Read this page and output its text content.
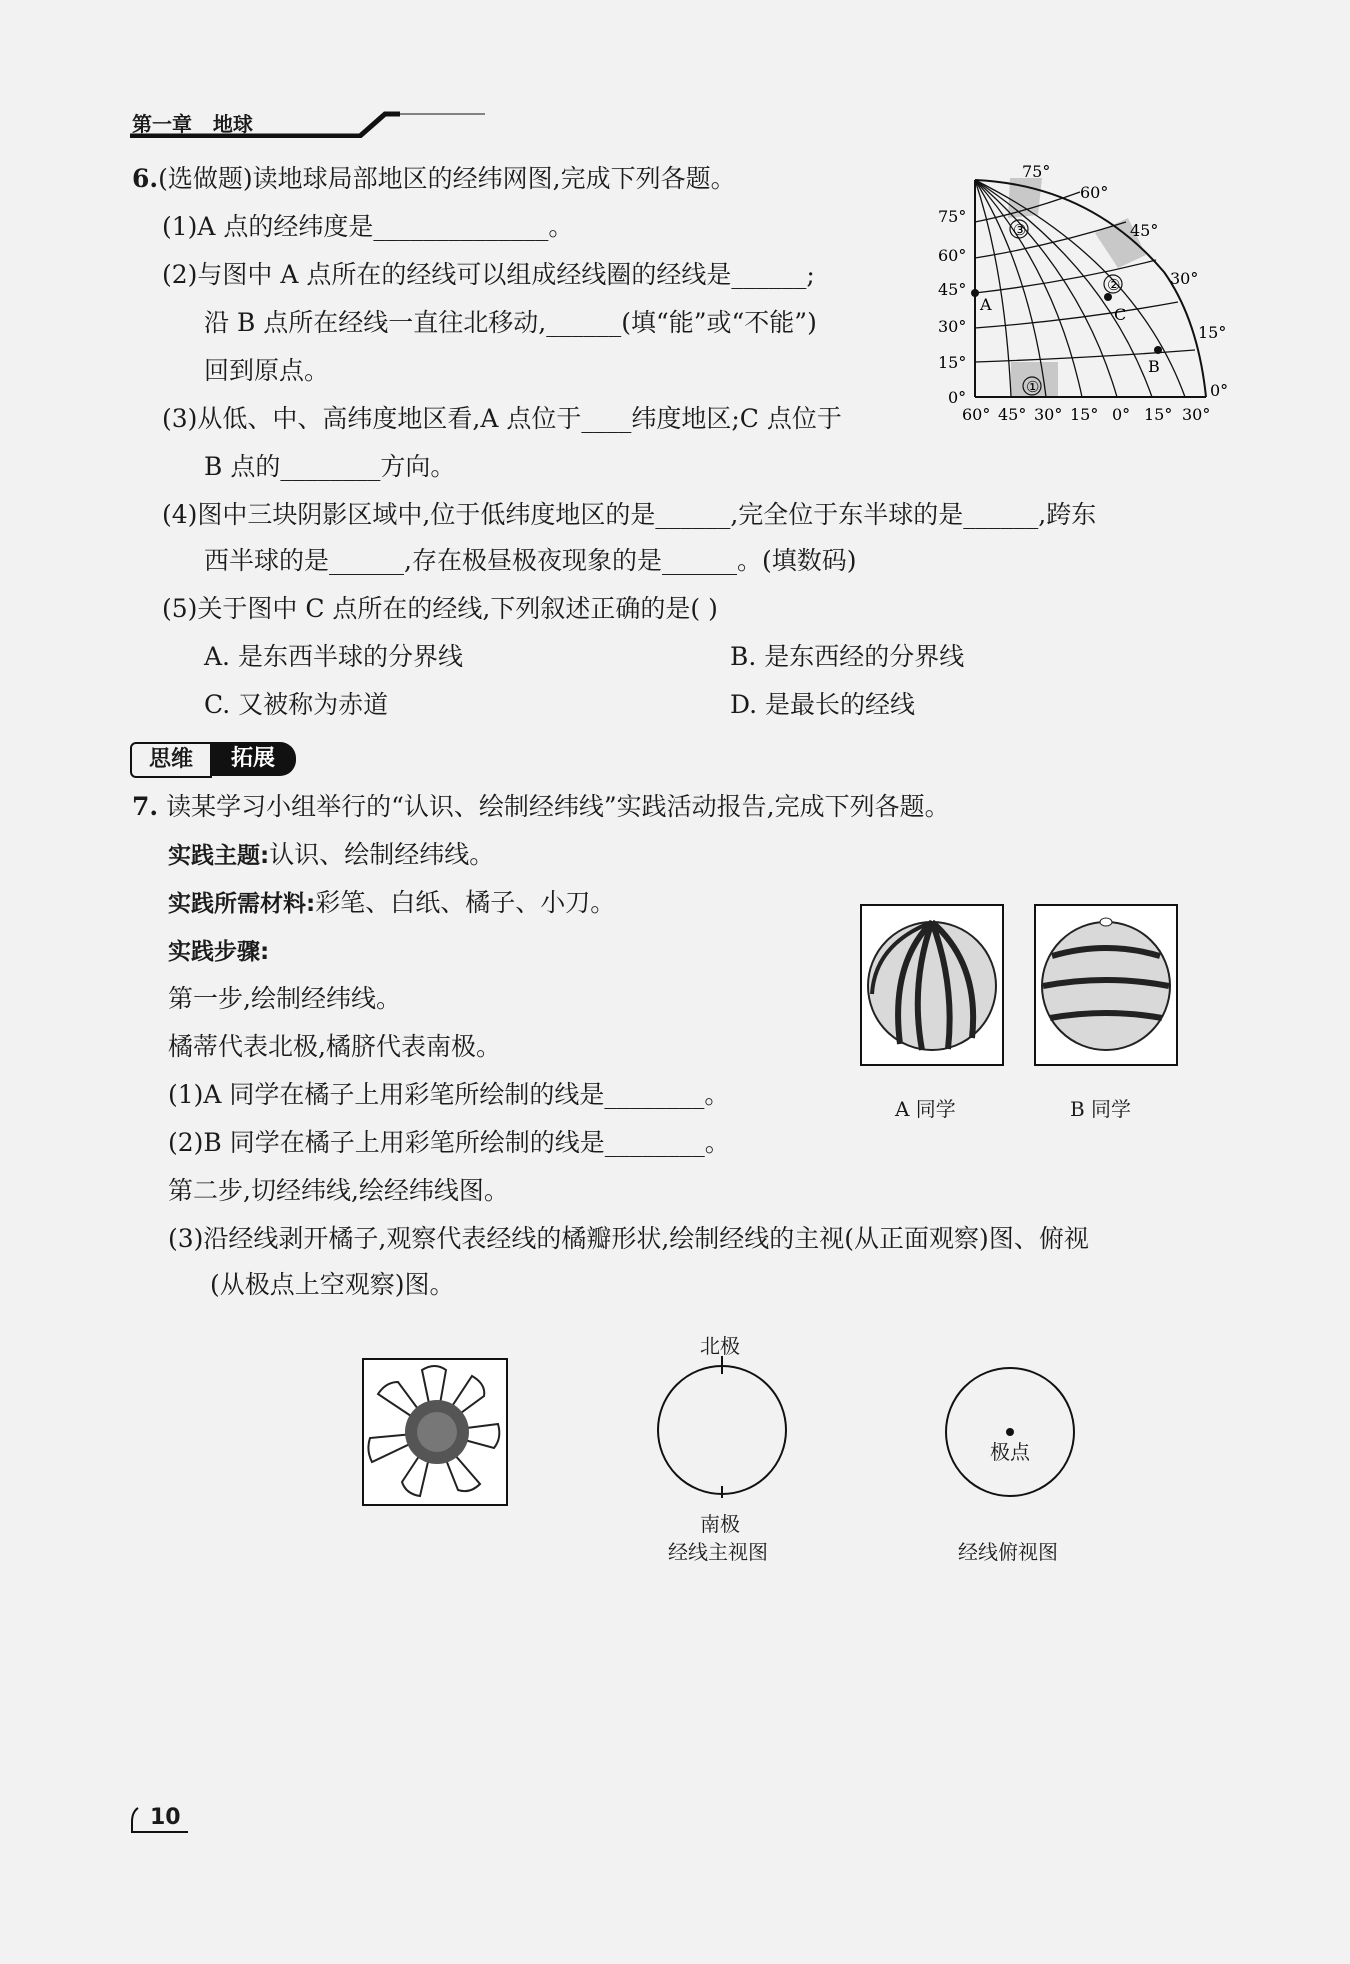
第一章 地球
6.(选做题)读地球局部地区的经纬网图,完成下列各题。
(1)A 点的经纬度是______________。
(2)与图中 A 点所在的经线可以组成经线圈的经线是______;
沿 B 点所在经线一直往北移动,______(填“能”或“不能”)
回到原点。
(3)从低、中、高纬度地区看,A 点位于____纬度地区;C 点位于
B 点的________方向。
(4)图中三块阴影区域中,位于低纬度地区的是______,完全位于东半球的是______,跨东
西半球的是______,存在极昼极夜现象的是______。(填数码)
(5)关于图中 C 点所在的经线,下列叙述正确的是( )
A. 是东西半球的分界线	B. 是东西经的分界线
C. 又被称为赤道	D. 是最长的经线
A
B
C
①
②
③
75°
60°
45°
30°
15°
0°
75°
60°
45°
30°
15°
0°
60° 45° 30° 15° 0° 15° 30°
思维	拓展
7. 读某学习小组举行的“认识、绘制经纬线”实践活动报告,完成下列各题。
实践主题:认识、绘制经纬线。
实践所需材料:彩笔、白纸、橘子、小刀。
实践步骤:
第一步,绘制经纬线。
橘蒂代表北极,橘脐代表南极。
(1)A 同学在橘子上用彩笔所绘制的线是________。
(2)B 同学在橘子上用彩笔所绘制的线是________。
第二步,切经纬线,绘经纬线图。
(3)沿经线剥开橘子,观察代表经线的橘瓣形状,绘制经线的主视(从正面观察)图、俯视
(从极点上空观察)图。
A 同学	B 同学
北极
南极
经线主视图
极点
经线俯视图
10
